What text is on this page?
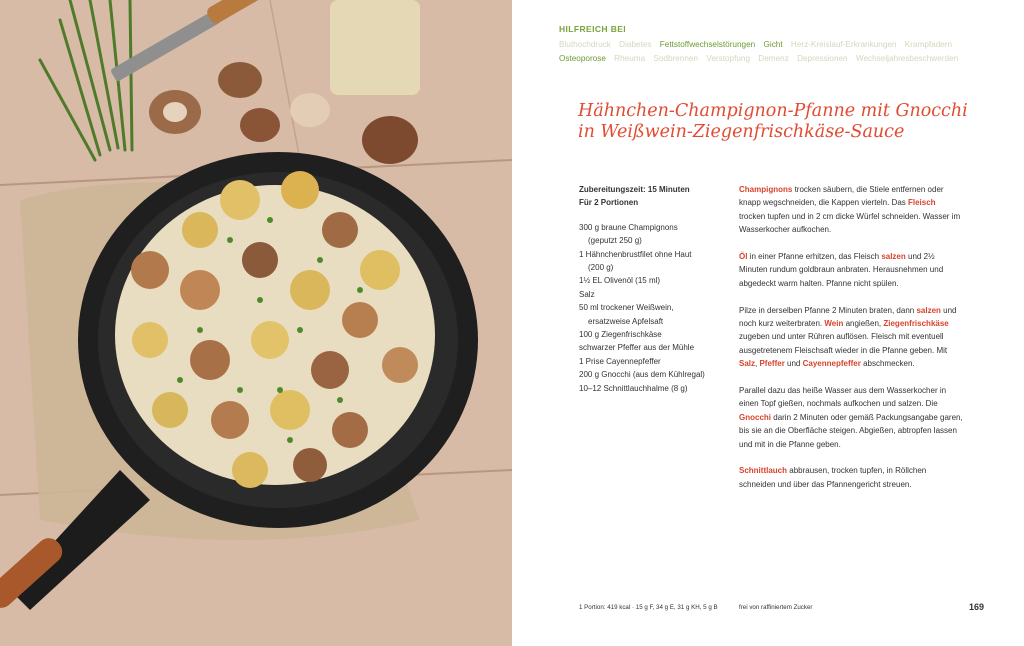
HILFREICH BEI
Bluthochdruck Diabetes Fettstoffwechselstörungen Gicht Herz-Kreislauf-Erkrankungen Krampfadern Osteoporose Rheuma Sodbrennen Verstopfung Demenz Depressionen Wechseljahresbeschwerden
Hähnchen-Champignon-Pfanne mit Gnocchi
in Weißwein-Ziegenfrischkäse-Sauce
Zubereitungszeit: 15 Minuten
Für 2 Portionen
300 g braune Champignons
(geputzt 250 g)
1 Hähnchenbrustfilet ohne Haut
(200 g)
1½ EL Olivenöl (15 ml)
Salz
50 ml trockener Weißwein,
ersatzweise Apfelsaft
100 g Ziegenfrischkäse
schwarzer Pfeffer aus der Mühle
1 Prise Cayennepfeffer
200 g Gnocchi (aus dem Kühlregal)
10–12 Schnittlauchhalme (8 g)

Champignons trocken säubern, die Stiele entfernen oder knapp wegschneiden, die Kappen vierteln. Das Fleisch trocken tupfen und in 2 cm dicke Würfel schneiden. Wasser im Wasserkocher aufkochen.

Öl in einer Pfanne erhitzen, das Fleisch salzen und 2½ Minuten rundum goldbraun anbraten. Herausnehmen und abgedeckt warm halten. Pfanne nicht spülen.

Pilze in derselben Pfanne 2 Minuten braten, dann salzen und noch kurz weiterbraten. Wein angießen, Ziegenfrischkäse zugeben und unter Rühren auflösen. Fleisch mit eventuell ausgetretenem Fleischsaft wieder in die Pfanne geben. Mit Salz, Pfeffer und Cayennepfeffer abschmecken.

Parallel dazu das heiße Wasser aus dem Wasserkocher in einen Topf gießen, nochmals aufkochen und salzen. Die Gnocchi darin 2 Minuten oder gemäß Packungsangabe garen, bis sie an die Oberfläche steigen. Abgießen, abtropfen lassen und mit in die Pfanne geben.

Schnittlauch abbrausen, trocken tupfen, in Röllchen schneiden und über das Pfannengericht streuen.

1 Portion: 419 kcal · 15 g F, 34 g E, 31 g KH, 5 g B	frei von raffiniertem Zucker	169
